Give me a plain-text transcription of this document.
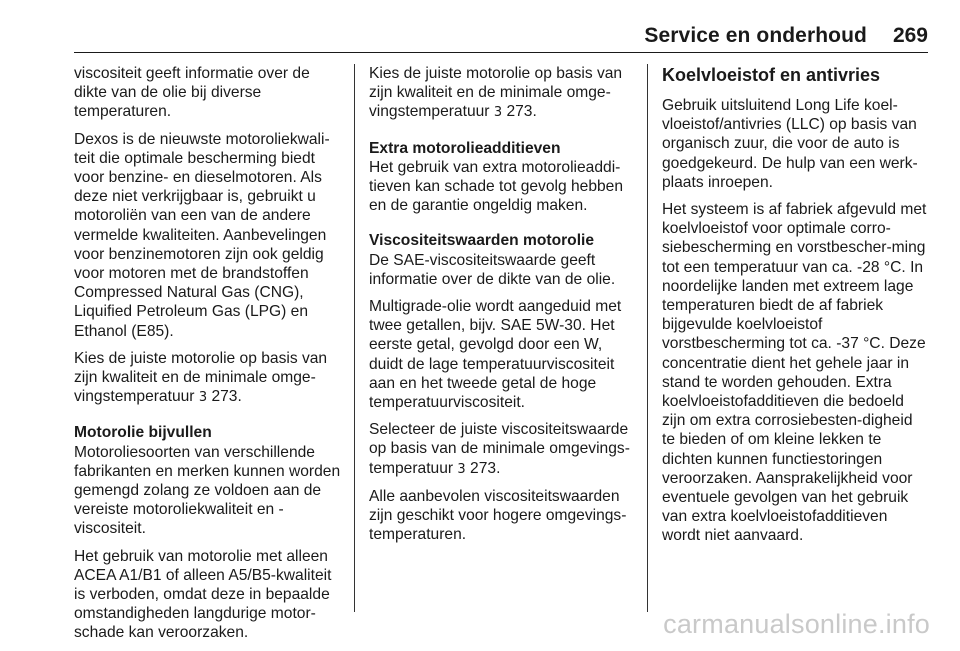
Service en onderhoud 269

viscositeit geeft informatie over de dikte van de olie bij diverse temperaturen.

Dexos is de nieuwste motoroliekwali-teit die optimale bescherming biedt voor benzine- en dieselmotoren. Als deze niet verkrijgbaar is, gebruikt u motoroliën van een van de andere vermelde kwaliteiten. Aanbevelingen voor benzinemotoren zijn ook geldig voor motoren met de brandstoffen Compressed Natural Gas (CNG), Liquified Petroleum Gas (LPG) en Ethanol (E85).

Kies de juiste motorolie op basis van zijn kwaliteit en de minimale omge-vingstemperatuur 3 273.

Motorolie bijvullen

Motoroliesoorten van verschillende fabrikanten en merken kunnen worden gemengd zolang ze voldoen aan de vereiste motoroliekwaliteit en -viscositeit.

Het gebruik van motorolie met alleen ACEA A1/B1 of alleen A5/B5-kwaliteit is verboden, omdat deze in bepaalde omstandigheden langdurige motor-schade kan veroorzaken.

Kies de juiste motorolie op basis van zijn kwaliteit en de minimale omge-vingstemperatuur 3 273.

Extra motorolieadditieven

Het gebruik van extra motorolieaddi-tieven kan schade tot gevolg hebben en de garantie ongeldig maken.

Viscositeitswaarden motorolie

De SAE-viscositeitswaarde geeft informatie over de dikte van de olie.

Multigrade-olie wordt aangeduid met twee getallen, bijv. SAE 5W-30. Het eerste getal, gevolgd door een W, duidt de lage temperatuurviscositeit aan en het tweede getal de hoge temperatuurviscositeit.

Selecteer de juiste viscositeitswaarde op basis van de minimale omgevings-temperatuur 3 273.

Alle aanbevolen viscositeitswaarden zijn geschikt voor hogere omgevings-temperaturen.

Koelvloeistof en antivries

Gebruik uitsluitend Long Life koel-vloeistof/antivries (LLC) op basis van organisch zuur, die voor de auto is goedgekeurd. De hulp van een werk-plaats inroepen.

Het systeem is af fabriek afgevuld met koelvloeistof voor optimale corro-siebescherming en vorstbescher-ming tot een temperatuur van ca. -28 °C. In noordelijke landen met extreem lage temperaturen biedt de af fabriek bijgevulde koelvloeistof vorstbescherming tot ca. -37 °C. Deze concentratie dient het gehele jaar in stand te worden gehouden. Extra koelvloeistofadditieven die bedoeld zijn om extra corrosiebesten-digheid te bieden of om kleine lekken te dichten kunnen functiestoringen veroorzaken. Aansprakelijkheid voor eventuele gevolgen van het gebruik van extra koelvloeistofadditieven wordt niet aanvaard.

carmanualsonline.info
